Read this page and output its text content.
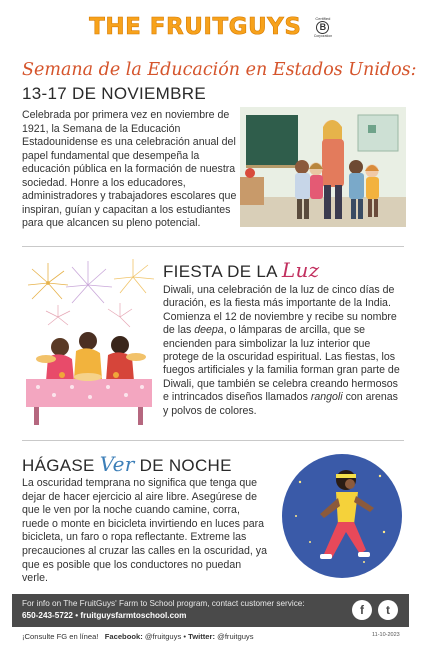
THE FRUITGUYS	Certified
B
Corporation
Semana de la Educación en Estados Unidos:
13-17 DE NOVIEMBRE
Celebrada por primera vez en noviembre de 1921, la Semana de la Educación Estadounidense es una celebración anual del papel fundamental que desempeña la educación pública en la formación de nuestra sociedad. Honre a los educadores, administradores y trabajadores escolares que inspiran, guían y capacitan a los estudiantes para que alcancen su pleno potencial.
FIESTA DE LA Luz
Diwali, una celebración de la luz de cinco días de duración, es la fiesta más importante de la India. Comienza el 12 de noviembre y recibe su nombre de las deepa, o lámparas de arcilla, que se encienden para simbolizar la luz interior que protege de la oscuridad espiritual. Las fiestas, los fuegos artificiales y la familia forman gran parte de Diwali, que también se celebra creando hermosos e intrincados diseños llamados rangoli con arenas y polvos de colores.
HÁGASE Ver DE NOCHE
La oscuridad temprana no significa que tenga que dejar de hacer ejercicio al aire libre. Asegúrese de que le ven por la noche cuando camine, corra, ruede o monte en bicicleta invirtiendo en luces para bicicleta, un faro o ropa reflectante. Extreme las precauciones al cruzar las calles en la oscuridad, ya que es posible que los conductores no puedan verle.
For info on The FruitGuys' Farm to School program, contact customer service:
650-243-5722 • fruitguysfarmtoschool.com	f	t
¡Consulte FG en línea! Facebook: @fruitguys • Twitter: @fruitguys	11-10-2023
